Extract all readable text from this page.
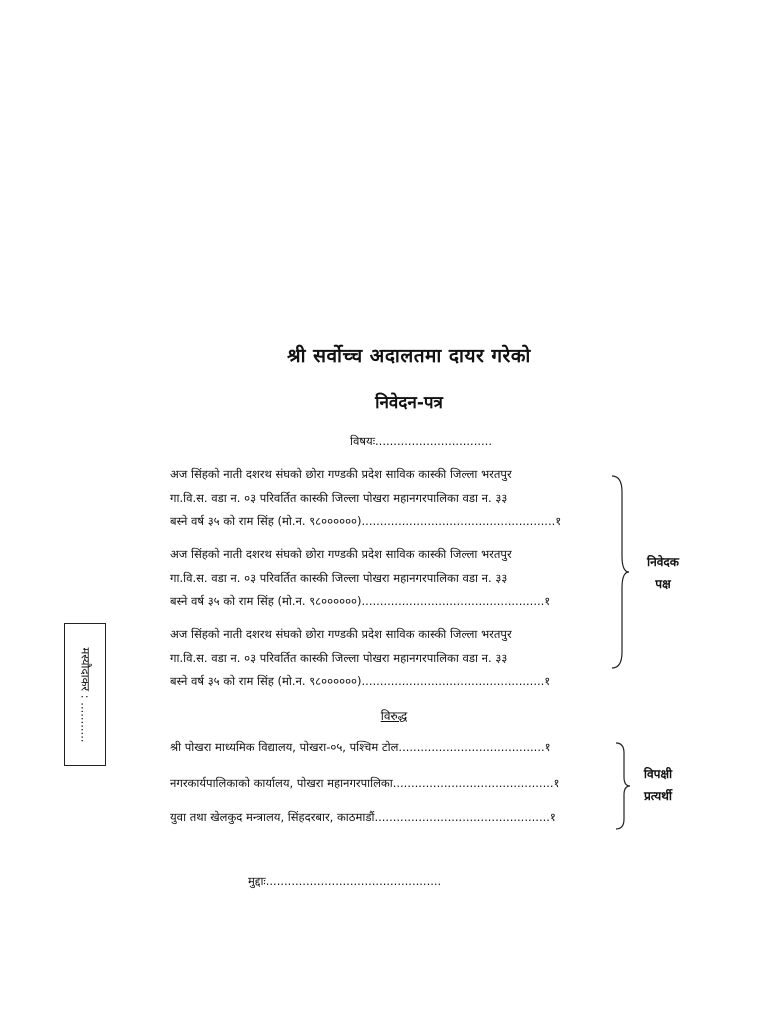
श्री सर्वोच्च अदालतमा दायर गरेको
निवेदन-पत्र
विषयः................................
अज सिंहको नाती दशरथ संघको छोरा गण्डकी प्रदेश साविक कास्की जिल्ला भरतपुर
गा.वि.स. वडा न. ०३ परिवर्तित कास्की जिल्ला पोखरा महानगरपालिका वडा न. ३३
बस्ने वर्ष ३५ को राम सिंह (मो.न. ९८००००००).....................................................१
अज सिंहको नाती दशरथ संघको छोरा गण्डकी प्रदेश साविक कास्की जिल्ला भरतपुर
गा.वि.स. वडा न. ०३ परिवर्तित कास्की जिल्ला पोखरा महानगरपालिका वडा न. ३३
बस्ने वर्ष ३५ को राम सिंह (मो.न. ९८००००००)..................................................१
अज सिंहको नाती दशरथ संघको छोरा गण्डकी प्रदेश साविक कास्की जिल्ला भरतपुर
गा.वि.स. वडा न. ०३ परिवर्तित कास्की जिल्ला पोखरा महानगरपालिका वडा न. ३३
बस्ने वर्ष ३५ को राम सिंह (मो.न. ९८००००००)..................................................१
निवेदक
पक्ष
विरुद्ध
श्री पोखरा माध्यमिक विद्यालय, पोखरा-०५, पश्चिम टोल........................................१
नगरकार्यपालिकाको कार्यालय, पोखरा महानगरपालिका............................................१
युवा तथा खेलकुद मन्त्रालय, सिंहदरबार, काठमाडौं................................................१
विपक्षी
प्रत्यर्थी
मुद्दाः................................................
मस्यौदाकर : ...........
